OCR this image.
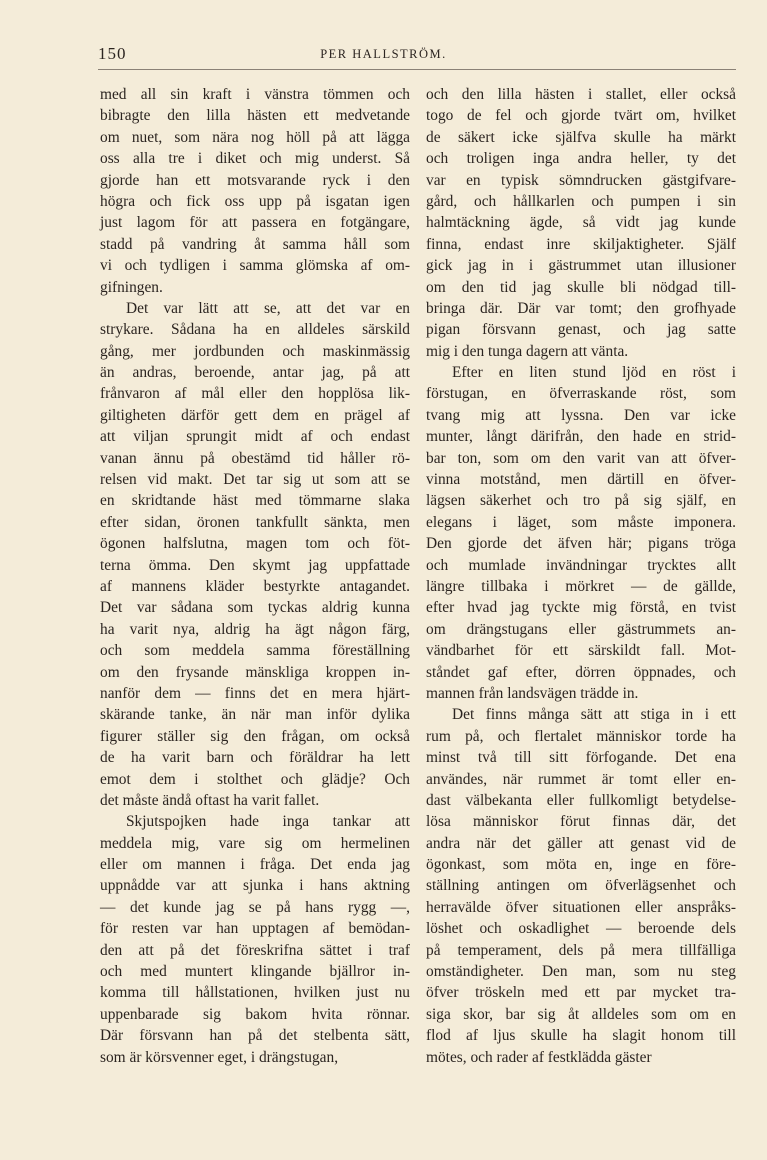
150	PER HALLSTRÖM.
med all sin kraft i vänstra tömmen och
bibragte den lilla hästen ett medvetande
om nuet, som nära nog höll på att lägga
oss alla tre i diket och mig underst. Så
gjorde han ett motsvarande ryck i den
högra och fick oss upp på isgatan igen
just lagom för att passera en fotgängare,
stadd på vandring åt samma håll som
vi och tydligen i samma glömska af om-
gifningen.
Det var lätt att se, att det var en
strykare. Sådana ha en alldeles särskild
gång, mer jordbunden och maskinmässig
än andras, beroende, antar jag, på att
frånvaron af mål eller den hopplösa lik-
giltigheten därför gett dem en prägel af
att viljan sprungit midt af och endast
vanan ännu på obestämd tid håller rö-
relsen vid makt. Det tar sig ut som att se
en skridtande häst med tömmarne slaka
efter sidan, öronen tankfullt sänkta, men
ögonen halfslutna, magen tom och föt-
terna ömma. Den skymt jag uppfattade
af mannens kläder bestyrkte antagandet.
Det var sådana som tyckas aldrig kunna
ha varit nya, aldrig ha ägt någon färg,
och som meddela samma föreställning
om den frysande mänskliga kroppen in-
nanför dem — finns det en mera hjärt-
skärande tanke, än när man inför dylika
figurer ställer sig den frågan, om också
de ha varit barn och föräldrar ha lett
emot dem i stolthet och glädje? Och
det måste ändå oftast ha varit fallet.
Skjutspojken hade inga tankar att
meddela mig, vare sig om hermelinen
eller om mannen i fråga. Det enda jag
uppnådde var att sjunka i hans aktning
— det kunde jag se på hans rygg —,
för resten var han upptagen af bemödan-
den att på det föreskrifna sättet i traf
och med muntert klingande bjällror in-
komma till hållstationen, hvilken just nu
uppenbarade sig bakom hvita rönnar.
Där försvann han på det stelbenta sätt,
som är körsvenner eget, i drängstugan,
och den lilla hästen i stallet, eller också
togo de fel och gjorde tvärt om, hvilket
de säkert icke själfva skulle ha märkt
och troligen inga andra heller, ty det
var en typisk sömndrucken gästgifvare-
gård, och hållkarlen och pumpen i sin
halmtäckning ägde, så vidt jag kunde
finna, endast inre skiljaktigheter. Själf
gick jag in i gästrummet utan illusioner
om den tid jag skulle bli nödgad till-
bringa där. Där var tomt; den grofhyade
pigan försvann genast, och jag satte
mig i den tunga dagern att vänta.
Efter en liten stund ljöd en röst i
förstugan, en öfverraskande röst, som
tvang mig att lyssna. Den var icke
munter, långt därifrån, den hade en strid-
bar ton, som om den varit van att öfver-
vinna motstånd, men därtill en öfver-
lägsen säkerhet och tro på sig själf, en
elegans i läget, som måste imponera.
Den gjorde det äfven här; pigans tröga
och mumlade invändningar trycktes allt
längre tillbaka i mörkret — de gällde,
efter hvad jag tyckte mig förstå, en tvist
om drängstugans eller gästrummets an-
vändbarhet för ett särskildt fall. Mot-
ståndet gaf efter, dörren öppnades, och
mannen från landsvägen trädde in.
Det finns många sätt att stiga in i ett
rum på, och flertalet människor torde ha
minst två till sitt förfogande. Det ena
användes, när rummet är tomt eller en-
dast välbekanta eller fullkomligt betydelse-
lösa människor förut finnas där, det
andra när det gäller att genast vid de
ögonkast, som möta en, inge en före-
ställning antingen om öfverlägsenhet och
herravälde öfver situationen eller anspråks-
löshet och oskadlighet — beroende dels
på temperament, dels på mera tillfälliga
omständigheter. Den man, som nu steg
öfver tröskeln med ett par mycket tra-
siga skor, bar sig åt alldeles som om en
flod af ljus skulle ha slagit honom till
mötes, och rader af festklädda gäster
